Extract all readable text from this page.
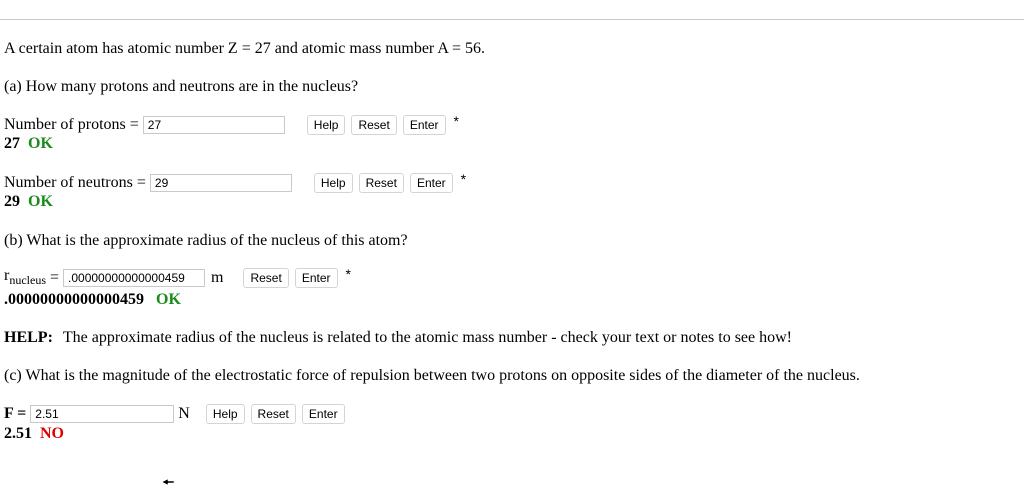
A certain atom has atomic number Z = 27 and atomic mass number A = 56.
(a) How many protons and neutrons are in the nucleus?
Number of protons =
27	Help	Reset	Enter	*
27 OK
Number of neutrons =
29	Help	Reset	Enter	*
29 OK
(b) What is the approximate radius of the nucleus of this atom?
$r_{nucleus}$ =
.00000000000000459	m	Reset	Enter	*
.00000000000000459 OK
HELP: The approximate radius of the nucleus is related to the atomic mass number - check your text or notes to see how!
(c) What is the magnitude of the electrostatic force of repulsion between two protons on opposite sides of the diameter of the nucleus.
F =
2.51	N	Help	Reset	Enter
2.51 NO
